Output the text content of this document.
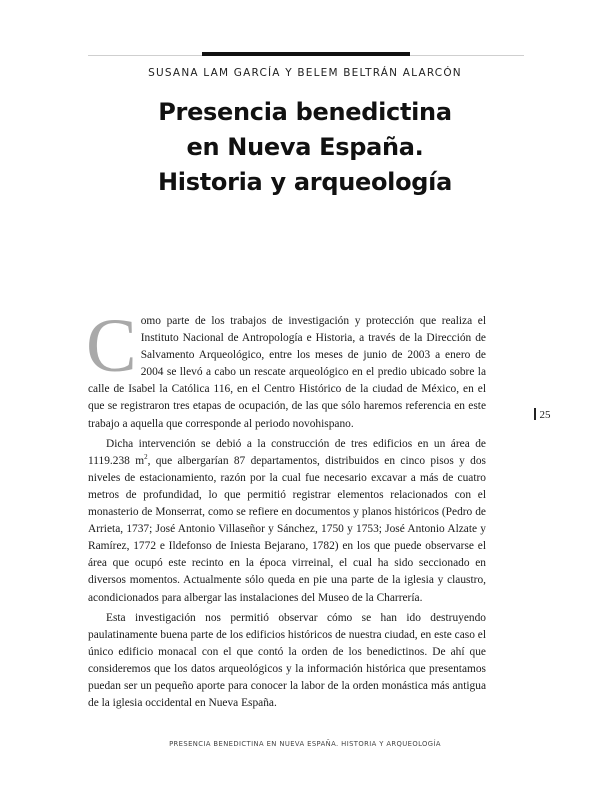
SUSANA LAM GARCÍA Y BELEM BELTRÁN ALARCÓN
Presencia benedictina
en Nueva España.
Historia y arqueología

Como parte de los trabajos de investigación y protección que realiza el Instituto Nacional de Antropología e Historia, a través de la Dirección de Salvamento Arqueológico, entre los meses de junio de 2003 a enero de 2004 se llevó a cabo un rescate arqueológico en el predio ubicado sobre la calle de Isabel la Católica 116, en el Centro Histórico de la ciudad de México, en el que se registraron tres etapas de ocupación, de las que sólo haremos referencia en este trabajo a aquella que corresponde al periodo novohispano.

Dicha intervención se debió a la construcción de tres edificios en un área de 1119.238 $m^2$, que albergarían 87 departamentos, distribuidos en cinco pisos y dos niveles de estacionamiento, razón por la cual fue necesario excavar a más de cuatro metros de profundidad, lo que permitió registrar elementos relacionados con el monasterio de Monserrat, como se refiere en documentos y planos históricos (Pedro de Arrieta, 1737; José Antonio Villaseñor y Sánchez, 1750 y 1753; José Antonio Alzate y Ramírez, 1772 e Ildefonso de Iniesta Bejarano, 1782) en los que puede observarse el área que ocupó este recinto en la época virreinal, el cual ha sido seccionado en diversos momentos. Actualmente sólo queda en pie una parte de la iglesia y claustro, acondicionados para albergar las instalaciones del Museo de la Charrería.

Esta investigación nos permitió observar cómo se han ido destruyendo paulatinamente buena parte de los edificios históricos de nuestra ciudad, en este caso el único edificio monacal con el que contó la orden de los benedictinos. De ahí que consideremos que los datos arqueológicos y la información histórica que presentamos puedan ser un pequeño aporte para conocer la labor de la orden monástica más antigua de la iglesia occidental en Nueva España.

25
PRESENCIA BENEDICTINA EN NUEVA ESPAÑA. HISTORIA Y ARQUEOLOGÍA
